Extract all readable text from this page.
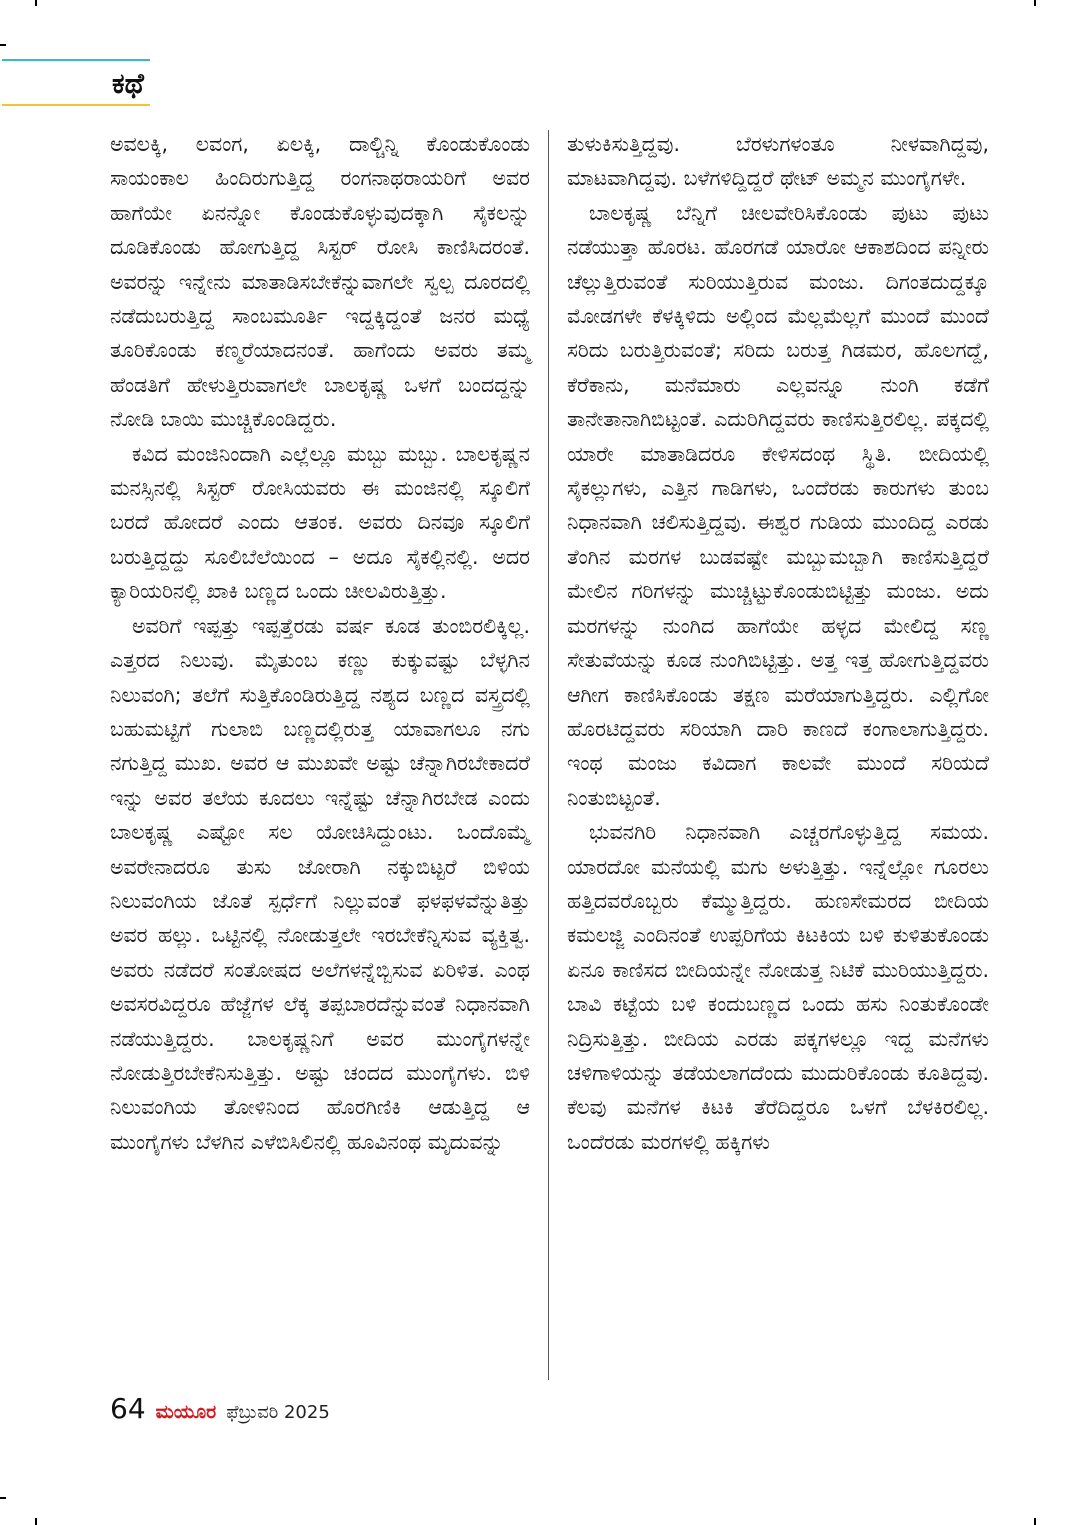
ಕಥೆ

ಅವಲಕ್ಕಿ, ಲವಂಗ, ಏಲಕ್ಕಿ, ದಾಲ್ಚಿನ್ನಿ ಕೊಂಡುಕೊಂಡು ಸಾಯಂಕಾಲ ಹಿಂದಿರುಗುತ್ತಿದ್ದ ರಂಗನಾಥರಾಯರಿಗೆ ಅವರ ಹಾಗೆಯೇ ಏನನ್ನೋ ಕೊಂಡುಕೊಳ್ಳುವುದಕ್ಕಾಗಿ ಸೈಕಲನ್ನು ದೂಡಿಕೊಂಡು ಹೋಗುತ್ತಿದ್ದ ಸಿಸ್ಟರ್ ರೋಸಿ ಕಾಣಿಸಿದರಂತೆ. ಅವರನ್ನು ಇನ್ನೇನು ಮಾತಾಡಿಸಬೇಕೆನ್ನುವಾಗಲೇ ಸ್ವಲ್ಪ ದೂರದಲ್ಲಿ ನಡೆದುಬರುತ್ತಿದ್ದ ಸಾಂಬಮೂರ್ತಿ ಇದ್ದಕ್ಕಿದ್ದಂತೆ ಜನರ ಮಧ್ಯೆ ತೂರಿಕೊಂಡು ಕಣ್ಮರೆಯಾದನಂತೆ. ಹಾಗೆಂದು ಅವರು ತಮ್ಮ ಹೆಂಡತಿಗೆ ಹೇಳುತ್ತಿರುವಾಗಲೇ ಬಾಲಕೃಷ್ಣ ಒಳಗೆ ಬಂದದ್ದನ್ನು ನೋಡಿ ಬಾಯಿ ಮುಚ್ಚಿಕೊಂಡಿದ್ದರು.

ಕವಿದ ಮಂಜಿನಿಂದಾಗಿ ಎಲ್ಲೆಲ್ಲೂ ಮಬ್ಬು ಮಬ್ಬು. ಬಾಲಕೃಷ್ಣನ ಮನಸ್ಸಿನಲ್ಲಿ ಸಿಸ್ಟರ್ ರೋಸಿಯವರು ಈ ಮಂಜಿನಲ್ಲಿ ಸ್ಕೂಲಿಗೆ ಬರದೆ ಹೋದರೆ ಎಂದು ಆತಂಕ. ಅವರು ದಿನವೂ ಸ್ಕೂಲಿಗೆ ಬರುತ್ತಿದ್ದದ್ದು ಸೂಲಿಬೆಲೆಯಿಂದ – ಅದೂ ಸೈಕಲ್ಲಿನಲ್ಲಿ. ಅದರ ಕ್ಯಾರಿಯರಿನಲ್ಲಿ ಖಾಕಿ ಬಣ್ಣದ ಒಂದು ಚೀಲವಿರುತ್ತಿತ್ತು.

ಅವರಿಗೆ ಇಪ್ಪತ್ತು ಇಪ್ಪತ್ತೆರಡು ವರ್ಷ ಕೂಡ ತುಂಬಿರಲಿಕ್ಕಿಲ್ಲ. ಎತ್ತರದ ನಿಲುವು. ಮೈತುಂಬ ಕಣ್ಣು ಕುಕ್ಕುವಷ್ಟು ಬೆಳ್ಳಗಿನ ನಿಲುವಂಗಿ; ತಲೆಗೆ ಸುತ್ತಿಕೊಂಡಿರುತ್ತಿದ್ದ ನಶ್ಯದ ಬಣ್ಣದ ವಸ್ತ್ರದಲ್ಲಿ ಬಹುಮಟ್ಟಿಗೆ ಗುಲಾಬಿ ಬಣ್ಣದಲ್ಲಿರುತ್ತ ಯಾವಾಗಲೂ ನಗು ನಗುತ್ತಿದ್ದ ಮುಖ. ಅವರ ಆ ಮುಖವೇ ಅಷ್ಟು ಚೆನ್ನಾಗಿರಬೇಕಾದರೆ ಇನ್ನು ಅವರ ತಲೆಯ ಕೂದಲು ಇನ್ನೆಷ್ಟು ಚೆನ್ನಾಗಿರಬೇಡ ಎಂದು ಬಾಲಕೃಷ್ಣ ಎಷ್ಟೋ ಸಲ ಯೋಚಿಸಿದ್ದುಂಟು. ಒಂದೊಮ್ಮೆ ಅವರೇನಾದರೂ ತುಸು ಜೋರಾಗಿ ನಕ್ಕುಬಿಟ್ಟರೆ ಬಿಳಿಯ ನಿಲುವಂಗಿಯ ಜೊತೆ ಸ್ಪರ್ಧೆಗೆ ನಿಲ್ಲುವಂತೆ ಫಳಫಳವೆನ್ನುತಿತ್ತು ಅವರ ಹಲ್ಲು. ಒಟ್ಟಿನಲ್ಲಿ ನೋಡುತ್ತಲೇ ಇರಬೇಕೆನ್ನಿಸುವ ವ್ಯಕ್ತಿತ್ವ. ಅವರು ನಡೆದರೆ ಸಂತೋಷದ ಅಲೆಗಳನ್ನೆಬ್ಬಿಸುವ ಏರಿಳಿತ. ಎಂಥ ಅವಸರವಿದ್ದರೂ ಹೆಜ್ಜೆಗಳ ಲೆಕ್ಕ ತಪ್ಪಬಾರದೆನ್ನುವಂತೆ ನಿಧಾನವಾಗಿ ನಡೆಯುತ್ತಿದ್ದರು. ಬಾಲಕೃಷ್ಣನಿಗೆ ಅವರ ಮುಂಗೈಗಳನ್ನೇ ನೋಡುತ್ತಿರಬೇಕೆನಿಸುತ್ತಿತ್ತು. ಅಷ್ಟು ಚಂದದ ಮುಂಗೈಗಳು. ಬಿಳಿ ನಿಲುವಂಗಿಯ ತೋಳಿನಿಂದ ಹೊರಗಿಣಿಕಿ ಆಡುತ್ತಿದ್ದ ಆ ಮುಂಗೈಗಳು ಬೆಳಗಿನ ಎಳೆಬಿಸಿಲಿನಲ್ಲಿ ಹೂವಿನಂಥ ಮೃದುವನ್ನು

ತುಳುಕಿಸುತ್ತಿದ್ದವು. ಬೆರಳುಗಳಂತೂ ನೀಳವಾಗಿದ್ದವು, ಮಾಟವಾಗಿದ್ದವು. ಬಳೆಗಳಿದ್ದಿದ್ದರೆ ಥೇಟ್ ಅಮ್ಮನ ಮುಂಗೈಗಳೇ.

ಬಾಲಕೃಷ್ಣ ಬೆನ್ನಿಗೆ ಚೀಲವೇರಿಸಿಕೊಂಡು ಪುಟು ಪುಟು ನಡೆಯುತ್ತಾ ಹೊರಟ. ಹೊರಗಡೆ ಯಾರೋ ಆಕಾಶದಿಂದ ಪನ್ನೀರು ಚೆಲ್ಲುತ್ತಿರುವಂತೆ ಸುರಿಯುತ್ತಿರುವ ಮಂಜು. ದಿಗಂತದುದ್ದಕ್ಕೂ ಮೋಡಗಳೇ ಕೆಳಕ್ಕಿಳಿದು ಅಲ್ಲಿಂದ ಮೆಲ್ಲಮೆಲ್ಲಗೆ ಮುಂದೆ ಮುಂದೆ ಸರಿದು ಬರುತ್ತಿರುವಂತೆ; ಸರಿದು ಬರುತ್ತ ಗಿಡಮರ, ಹೊಲಗದ್ದೆ, ಕೆರೆಕಾನು, ಮನೆಮಾರು ಎಲ್ಲವನ್ನೂ ನುಂಗಿ ಕಡೆಗೆ ತಾನೇತಾನಾಗಿಬಿಟ್ಟಂತೆ. ಎದುರಿಗಿದ್ದವರು ಕಾಣಿಸುತ್ತಿರಲಿಲ್ಲ. ಪಕ್ಕದಲ್ಲಿ ಯಾರೇ ಮಾತಾಡಿದರೂ ಕೇಳಿಸದಂಥ ಸ್ಥಿತಿ. ಬೀದಿಯಲ್ಲಿ ಸೈಕಲ್ಲುಗಳು, ಎತ್ತಿನ ಗಾಡಿಗಳು, ಒಂದೆರಡು ಕಾರುಗಳು ತುಂಬ ನಿಧಾನವಾಗಿ ಚಲಿಸುತ್ತಿದ್ದವು. ಈಶ್ವರ ಗುಡಿಯ ಮುಂದಿದ್ದ ಎರಡು ತೆಂಗಿನ ಮರಗಳ ಬುಡವಷ್ಟೇ ಮಬ್ಬುಮಬ್ಬಾಗಿ ಕಾಣಿಸುತ್ತಿದ್ದರೆ ಮೇಲಿನ ಗರಿಗಳನ್ನು ಮುಚ್ಚಿಟ್ಟುಕೊಂಡುಬಿಟ್ಟಿತ್ತು ಮಂಜು. ಅದು ಮರಗಳನ್ನು ನುಂಗಿದ ಹಾಗೆಯೇ ಹಳ್ಳದ ಮೇಲಿದ್ದ ಸಣ್ಣ ಸೇತುವೆಯನ್ನು ಕೂಡ ನುಂಗಿಬಿಟ್ಟಿತ್ತು. ಅತ್ತ ಇತ್ತ ಹೋಗುತ್ತಿದ್ದವರು ಆಗೀಗ ಕಾಣಿಸಿಕೊಂಡು ತಕ್ಷಣ ಮರೆಯಾಗುತ್ತಿದ್ದರು. ಎಲ್ಲಿಗೋ ಹೊರಟಿದ್ದವರು ಸರಿಯಾಗಿ ದಾರಿ ಕಾಣದೆ ಕಂಗಾಲಾಗುತ್ತಿದ್ದರು. ಇಂಥ ಮಂಜು ಕವಿದಾಗ ಕಾಲವೇ ಮುಂದೆ ಸರಿಯದೆ ನಿಂತುಬಿಟ್ಟಂತೆ.

ಭುವನಗಿರಿ ನಿಧಾನವಾಗಿ ಎಚ್ಚರಗೊಳ್ಳುತ್ತಿದ್ದ ಸಮಯ. ಯಾರದೋ ಮನೆಯಲ್ಲಿ ಮಗು ಅಳುತ್ತಿತ್ತು. ಇನ್ನೆಲ್ಲೋ ಗೂರಲು ಹತ್ತಿದವರೊಬ್ಬರು ಕೆಮ್ಮುತ್ತಿದ್ದರು. ಹುಣಸೇಮರದ ಬೀದಿಯ ಕಮಲಜ್ಜಿ ಎಂದಿನಂತೆ ಉಪ್ಪರಿಗೆಯ ಕಿಟಕಿಯ ಬಳಿ ಕುಳಿತುಕೊಂಡು ಏನೂ ಕಾಣಿಸದ ಬೀದಿಯನ್ನೇ ನೋಡುತ್ತ ನಿಟಿಕೆ ಮುರಿಯುತ್ತಿದ್ದರು. ಬಾವಿ ಕಟ್ಟೆಯ ಬಳಿ ಕಂದುಬಣ್ಣದ ಒಂದು ಹಸು ನಿಂತುಕೊಂಡೇ ನಿದ್ರಿಸುತ್ತಿತ್ತು. ಬೀದಿಯ ಎರಡು ಪಕ್ಕಗಳಲ್ಲೂ ಇದ್ದ ಮನೆಗಳು ಚಳಿಗಾಳಿಯನ್ನು ತಡೆಯಲಾಗದೆಂದು ಮುದುರಿಕೊಂಡು ಕೂತಿದ್ದವು. ಕೆಲವು ಮನೆಗಳ ಕಿಟಕಿ ತೆರೆದಿದ್ದರೂ ಒಳಗೆ ಬೆಳಕಿರಲಿಲ್ಲ. ಒಂದೆರಡು ಮರಗಳಲ್ಲಿ ಹಕ್ಕಿಗಳು

64 ಮಯೂರ ಫೆಬ್ರುವರಿ 2025
